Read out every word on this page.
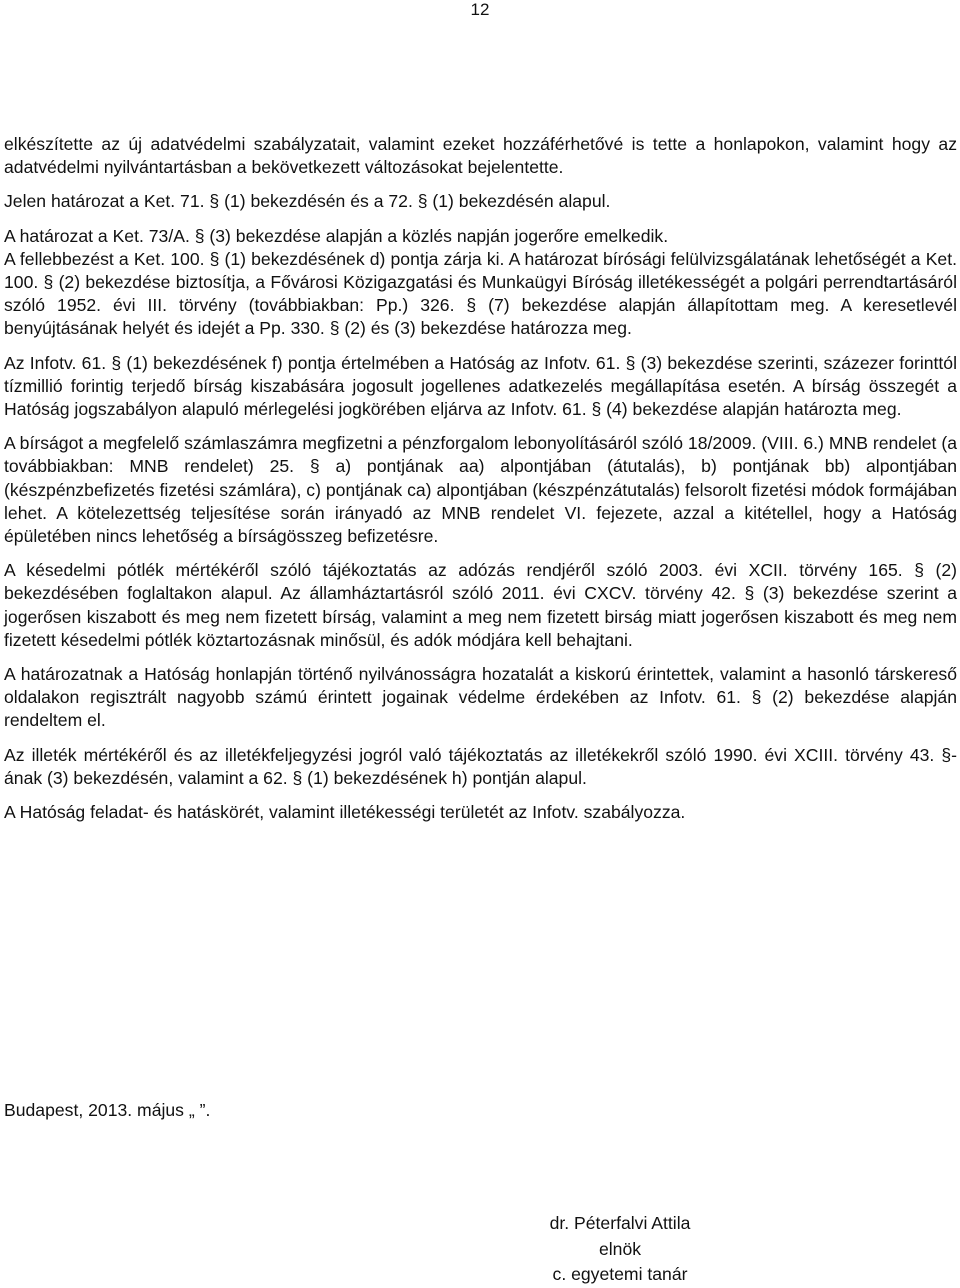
12

elkészítette az új adatvédelmi szabályzatait, valamint ezeket hozzáférhetővé is tette a honlapokon, valamint hogy az adatvédelmi nyilvántartásban a bekövetkezett változásokat bejelentette.

Jelen határozat a Ket. 71. § (1) bekezdésén és a 72. § (1) bekezdésén alapul.

A határozat a Ket. 73/A. § (3) bekezdése alapján a közlés napján jogerőre emelkedik.

A fellebbezést a Ket. 100. § (1) bekezdésének d) pontja zárja ki. A határozat bírósági felülvizsgálatának lehetőségét a Ket. 100. § (2) bekezdése biztosítja, a Fővárosi Közigazgatási és Munkaügyi Bíróság illetékességét a polgári perrendtartásáról szóló 1952. évi III. törvény (továbbiakban: Pp.) 326. § (7) bekezdése alapján állapítottam meg. A keresetlevél benyújtásának helyét és idejét a Pp. 330. § (2) és (3) bekezdése határozza meg.

Az Infotv. 61. § (1) bekezdésének f) pontja értelmében a Hatóság az Infotv. 61. § (3) bekezdése szerinti, százezer forinttól tízmillió forintig terjedő bírság kiszabására jogosult jogellenes adatkezelés megállapítása esetén. A bírság összegét a Hatóság jogszabályon alapuló mérlegelési jogkörében eljárva az Infotv. 61. § (4) bekezdése alapján határozta meg.

A bírságot a megfelelő számlaszámra megfizetni a pénzforgalom lebonyolításáról szóló 18/2009. (VIII. 6.) MNB rendelet (a továbbiakban: MNB rendelet) 25. § a) pontjának aa) alpontjában (átutalás), b) pontjának bb) alpontjában (készpénzbefizetés fizetési számlára), c) pontjának ca) alpontjában (készpénzátutalás) felsorolt fizetési módok formájában lehet. A kötelezettség teljesítése során irányadó az MNB rendelet VI. fejezete, azzal a kitétellel, hogy a Hatóság épületében nincs lehetőség a bírságösszeg befizetésre.

A késedelmi pótlék mértékéről szóló tájékoztatás az adózás rendjéről szóló 2003. évi XCII. törvény 165. § (2) bekezdésében foglaltakon alapul. Az államháztartásról szóló 2011. évi CXCV. törvény 42. § (3) bekezdése szerint a jogerősen kiszabott és meg nem fizetett bírság, valamint a meg nem fizetett birság miatt jogerősen kiszabott és meg nem fizetett késedelmi pótlék köztartozásnak minősül, és adók módjára kell behajtani.

A határozatnak a Hatóság honlapján történő nyilvánosságra hozatalát a kiskorú érintettek, valamint a hasonló társkereső oldalakon regisztrált nagyobb számú érintett jogainak védelme érdekében az Infotv. 61. § (2) bekezdése alapján rendeltem el.

Az illeték mértékéről és az illetékfeljegyzési jogról való tájékoztatás az illetékekről szóló 1990. évi XCIII. törvény 43. §-ának (3) bekezdésén, valamint a 62. § (1) bekezdésének h) pontján alapul.

A Hatóság feladat- és hatáskörét, valamint illetékességi területét az Infotv. szabályozza.

Budapest, 2013. május „ ”.
dr. Péterfalvi Attila
elnök
c. egyetemi tanár
